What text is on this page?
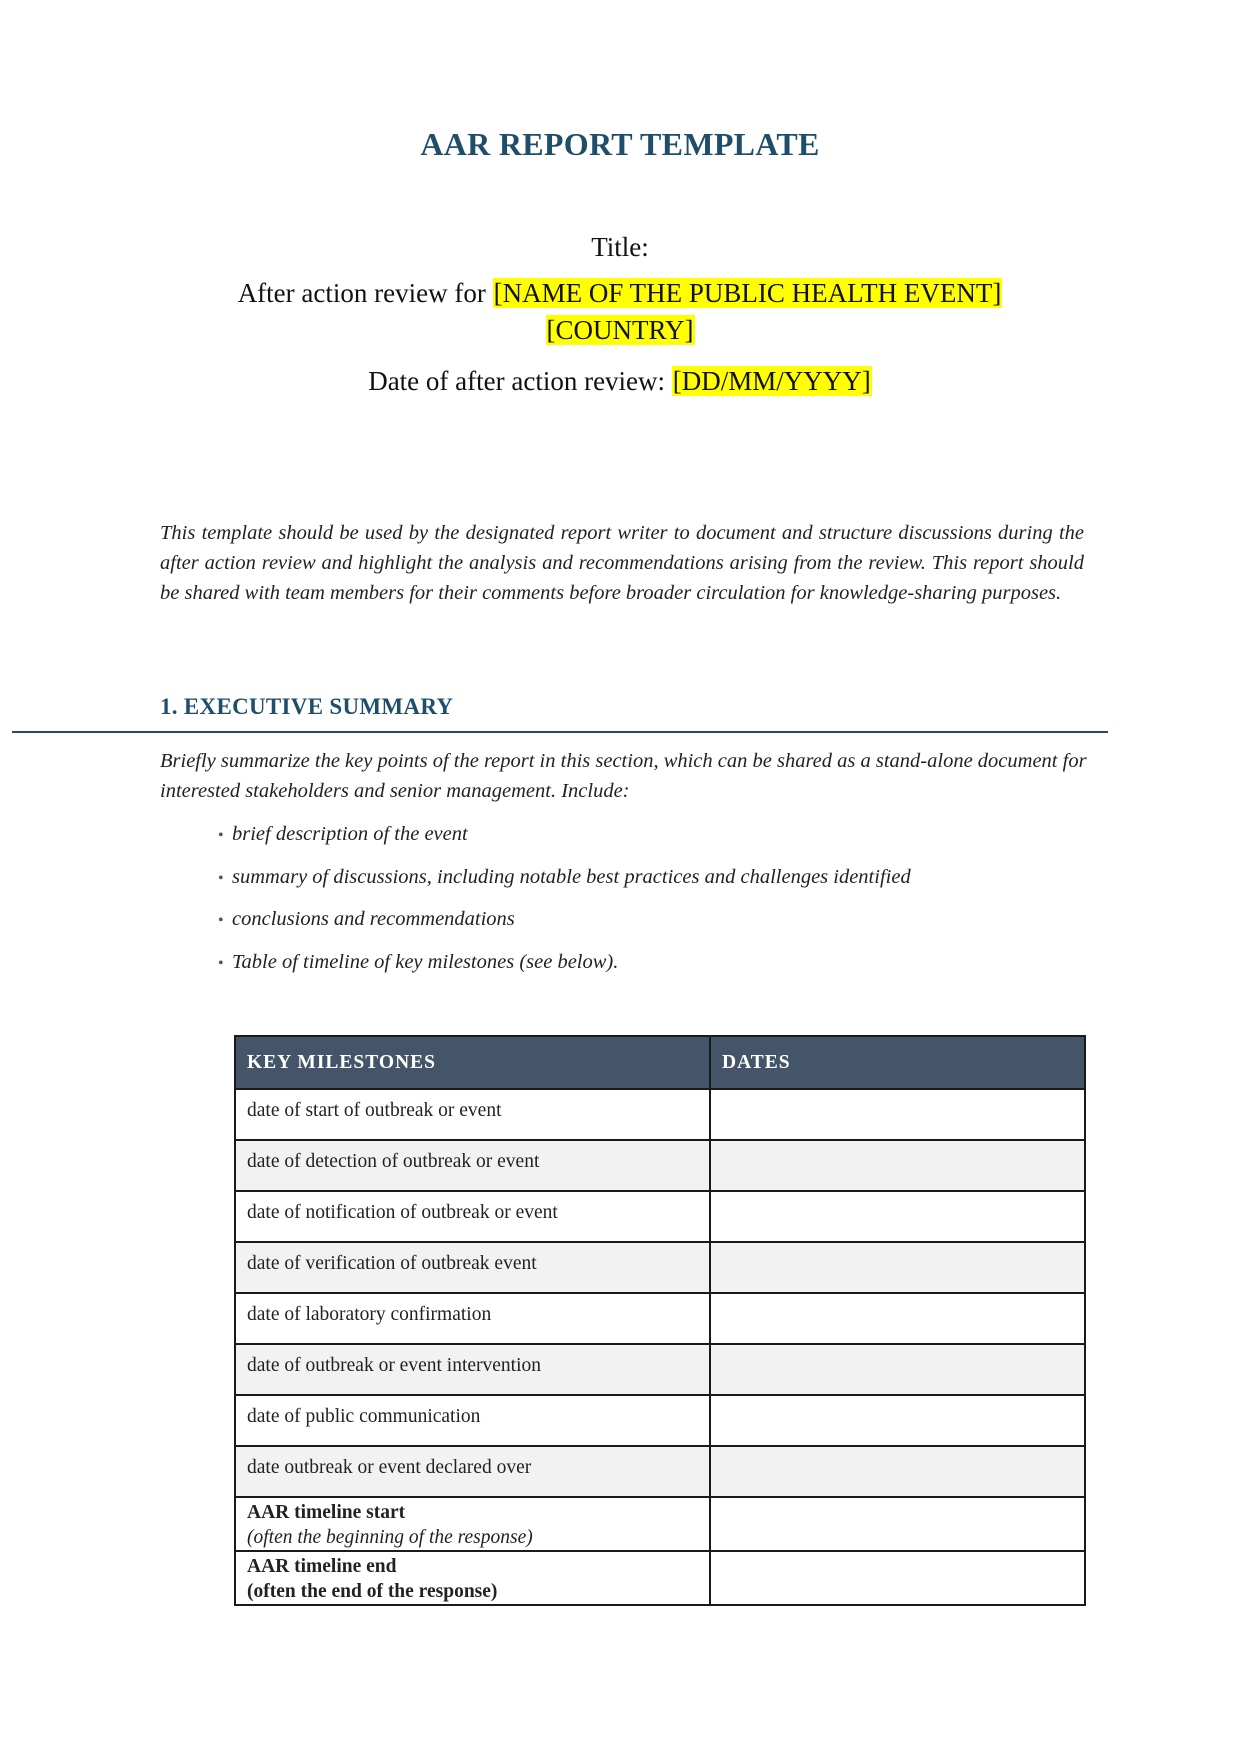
AAR REPORT TEMPLATE
Title:
After action review for [NAME OF THE PUBLIC HEALTH EVENT]
[COUNTRY]
Date of after action review: [DD/MM/YYYY]

This template should be used by the designated report writer to document and structure discussions during the after action review and highlight the analysis and recommendations arising from the review. This report should be shared with team members for their comments before broader circulation for knowledge-sharing purposes.

1. EXECUTIVE SUMMARY

Briefly summarize the key points of the report in this section, which can be shared as a stand-alone document for interested stakeholders and senior management. Include:

• brief description of the event
• summary of discussions, including notable best practices and challenges identified
• conclusions and recommendations
• Table of timeline of key milestones (see below).
KEY MILESTONES	DATES
date of start of outbreak or event	
date of detection of outbreak or event	
date of notification of outbreak or event	
date of verification of outbreak event	
date of laboratory confirmation	
date of outbreak or event intervention	
date of public communication	
date outbreak or event declared over	
AAR timeline start
(often the beginning of the response)	
AAR timeline end
(often the end of the response)	
